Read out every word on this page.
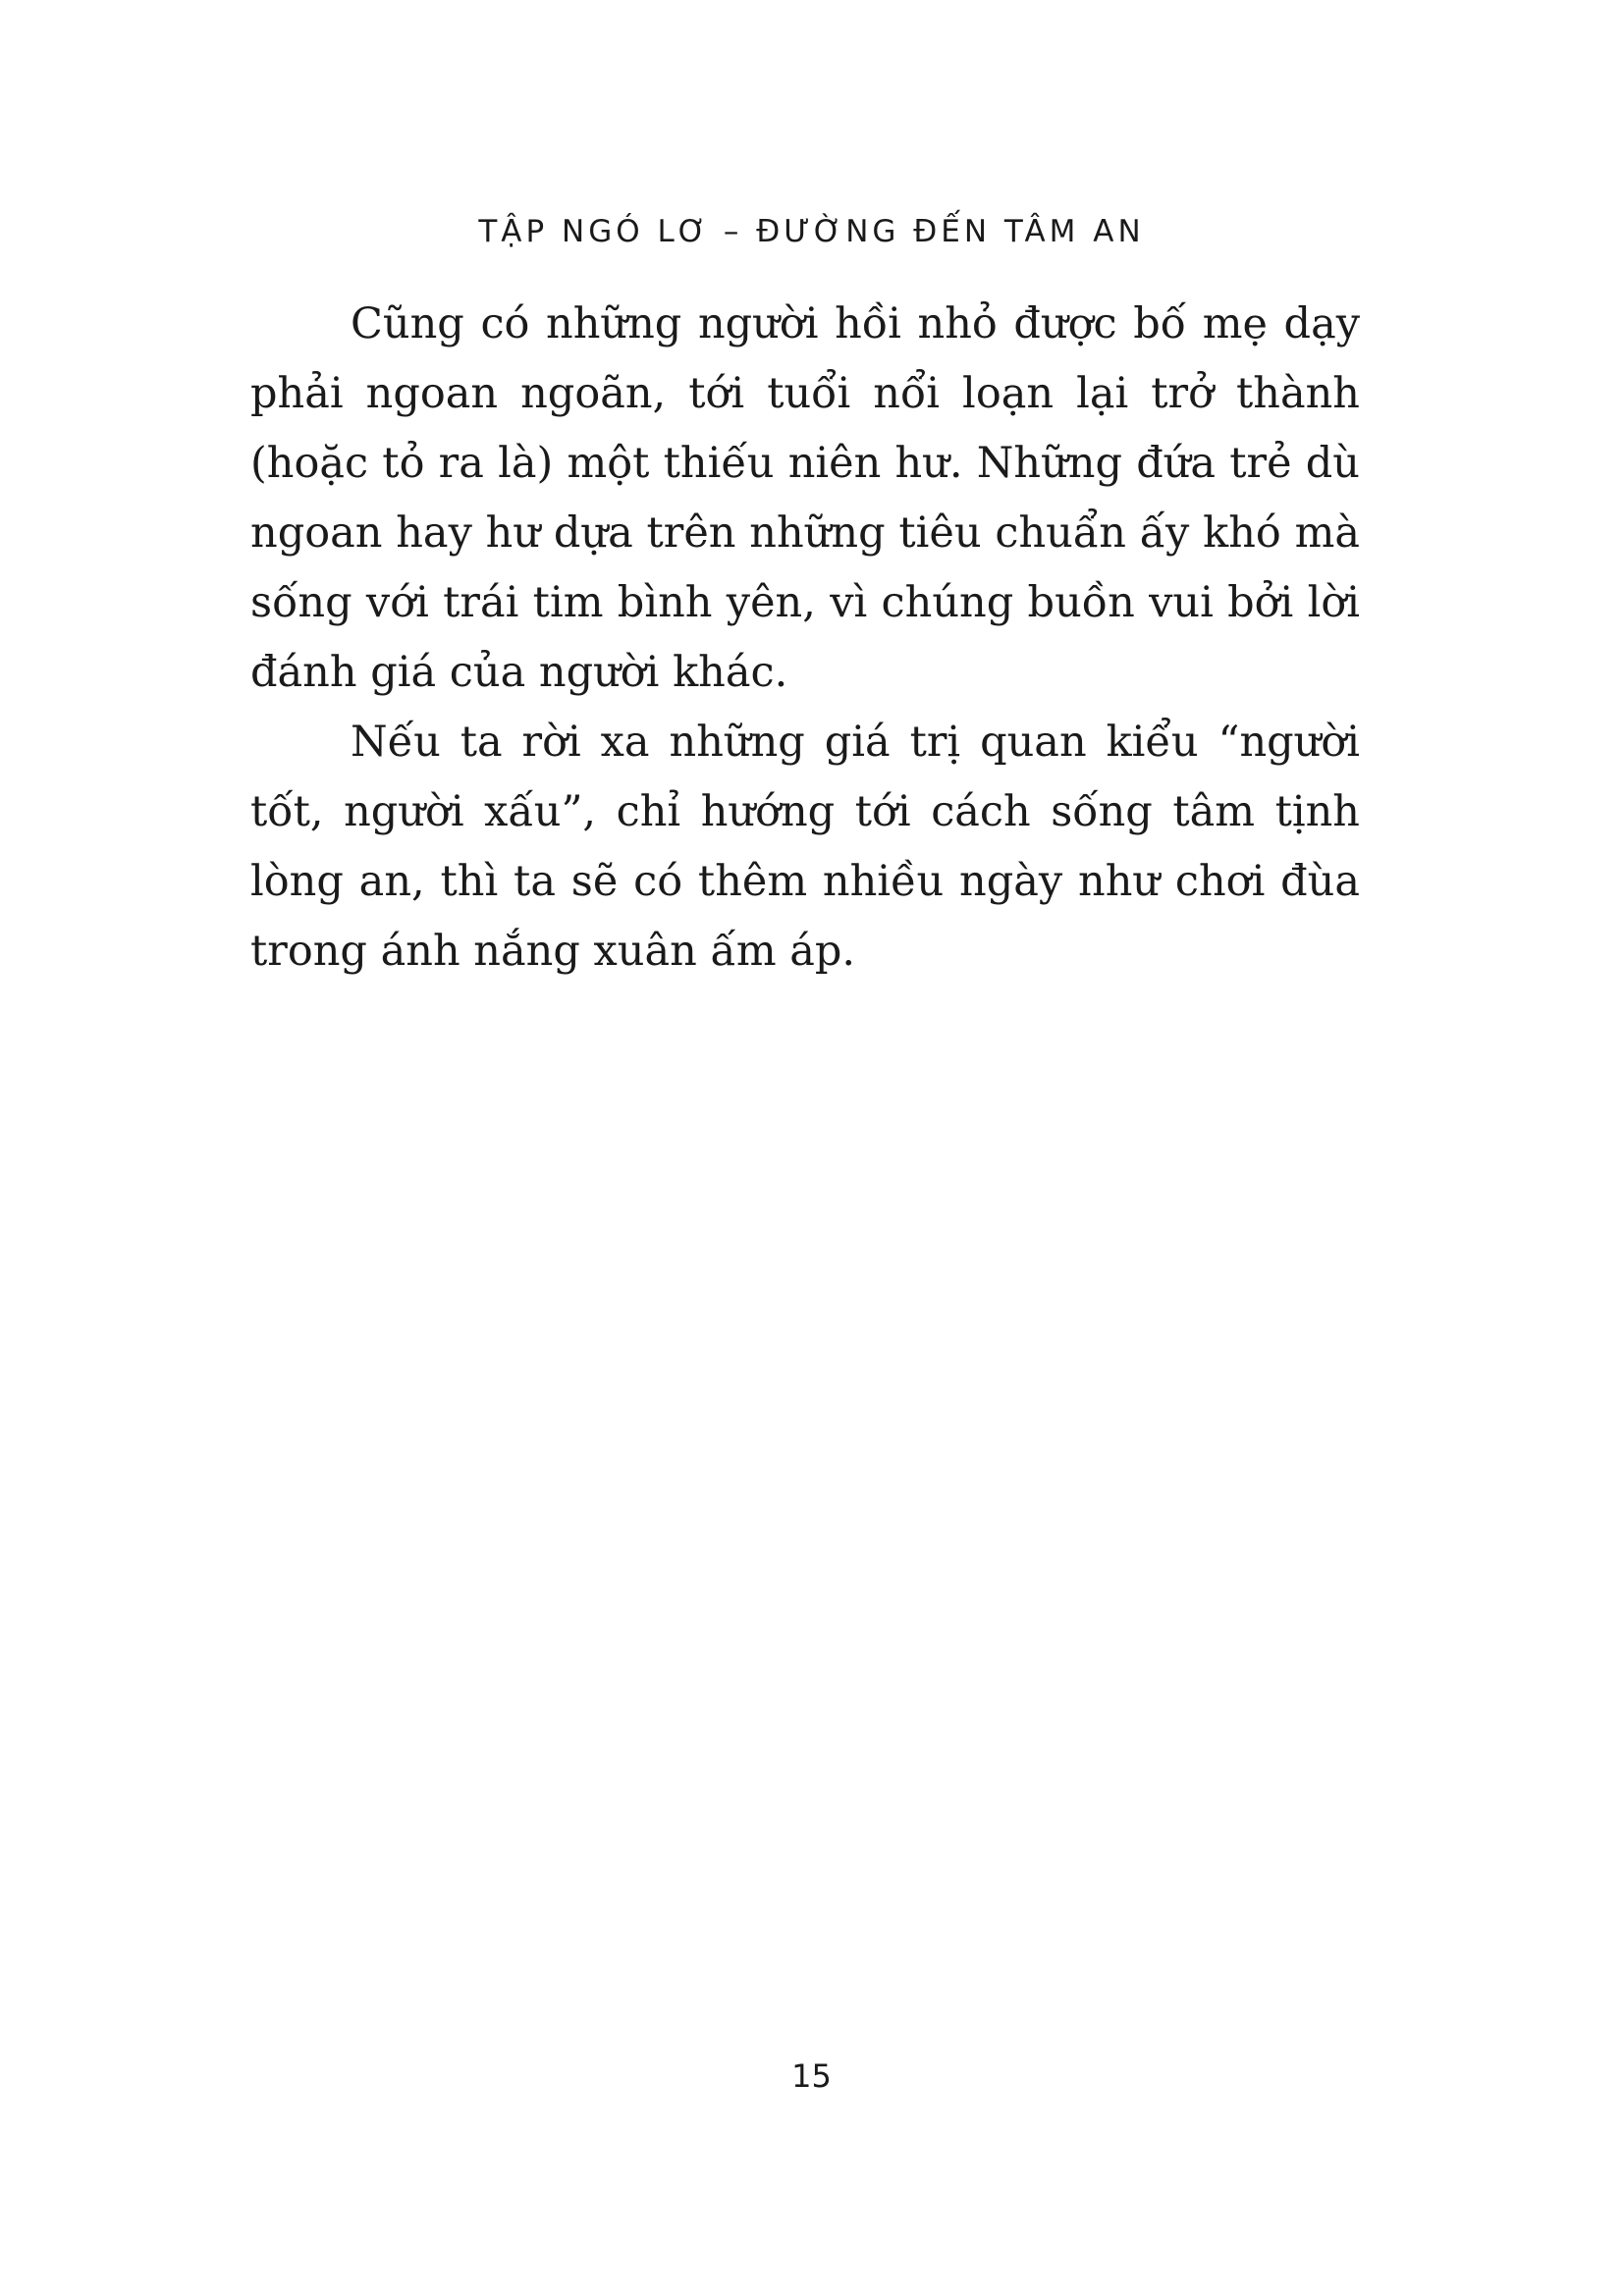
TẬP NGÓ LƠ – ĐƯỜNG ĐẾN TÂM AN

Cũng có những người hồi nhỏ được bố mẹ dạy phải ngoan ngoãn, tới tuổi nổi loạn lại trở thành (hoặc tỏ ra là) một thiếu niên hư. Những đứa trẻ dù ngoan hay hư dựa trên những tiêu chuẩn ấy khó mà sống với trái tim bình yên, vì chúng buồn vui bởi lời đánh giá của người khác.

Nếu ta rời xa những giá trị quan kiểu “người tốt, người xấu”, chỉ hướng tới cách sống tâm tịnh lòng an, thì ta sẽ có thêm nhiều ngày như chơi đùa trong ánh nắng xuân ấm áp.

15
